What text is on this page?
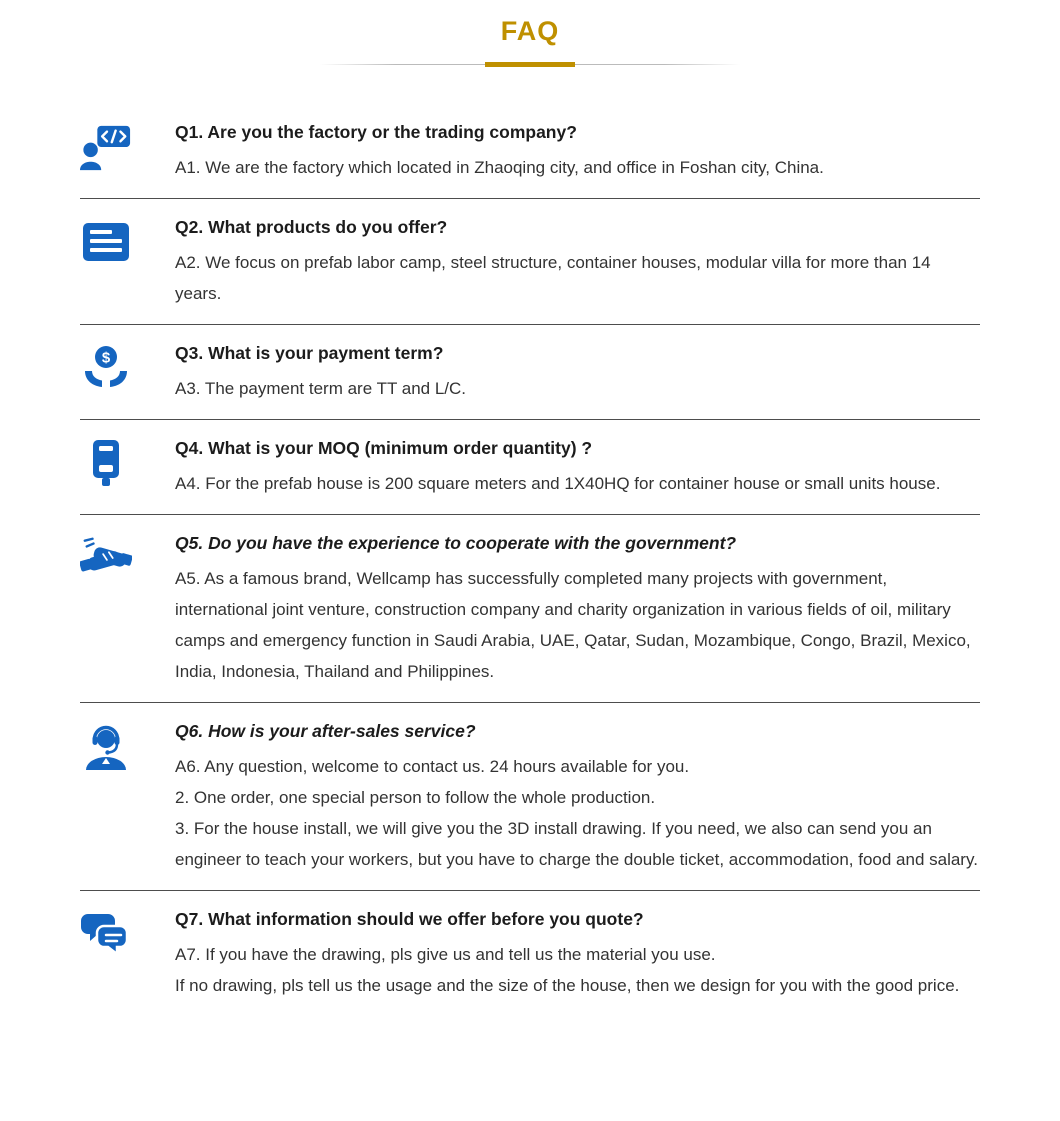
FAQ

Q1. Are you the factory or the trading company?

A1. We are the factory which located in Zhaoqing city, and office in Foshan city, China.

Q2. What products do you offer?

A2. We focus on prefab labor camp, steel structure, container houses, modular villa for more than 14 years.

$	Q3. What is your payment term?

A3. The payment term are TT and L/C.

Q4. What is your MOQ (minimum order quantity) ?

A4. For the prefab house is 200 square meters and 1X40HQ for container house or small units house.

Q5. Do you have the experience to cooperate with the government?

A5. As a famous brand, Wellcamp has successfully completed many projects with government, international joint venture, construction company and charity organization in various fields of oil, military camps and emergency function in Saudi Arabia, UAE, Qatar, Sudan, Mozambique, Congo, Brazil, Mexico, India, Indonesia, Thailand and Philippines.

Q6. How is your after-sales service?

A6. Any question, welcome to contact us. 24 hours available for you.

2. One order, one special person to follow the whole production.

3. For the house install, we will give you the 3D install drawing. If you need, we also can send you an engineer to teach your workers, but you have to charge the double ticket, accommodation, food and salary.

Q7. What information should we offer before you quote?

A7. If you have the drawing, pls give us and tell us the material you use.

If no drawing, pls tell us the usage and the size of the house, then we design for you with the good price.
